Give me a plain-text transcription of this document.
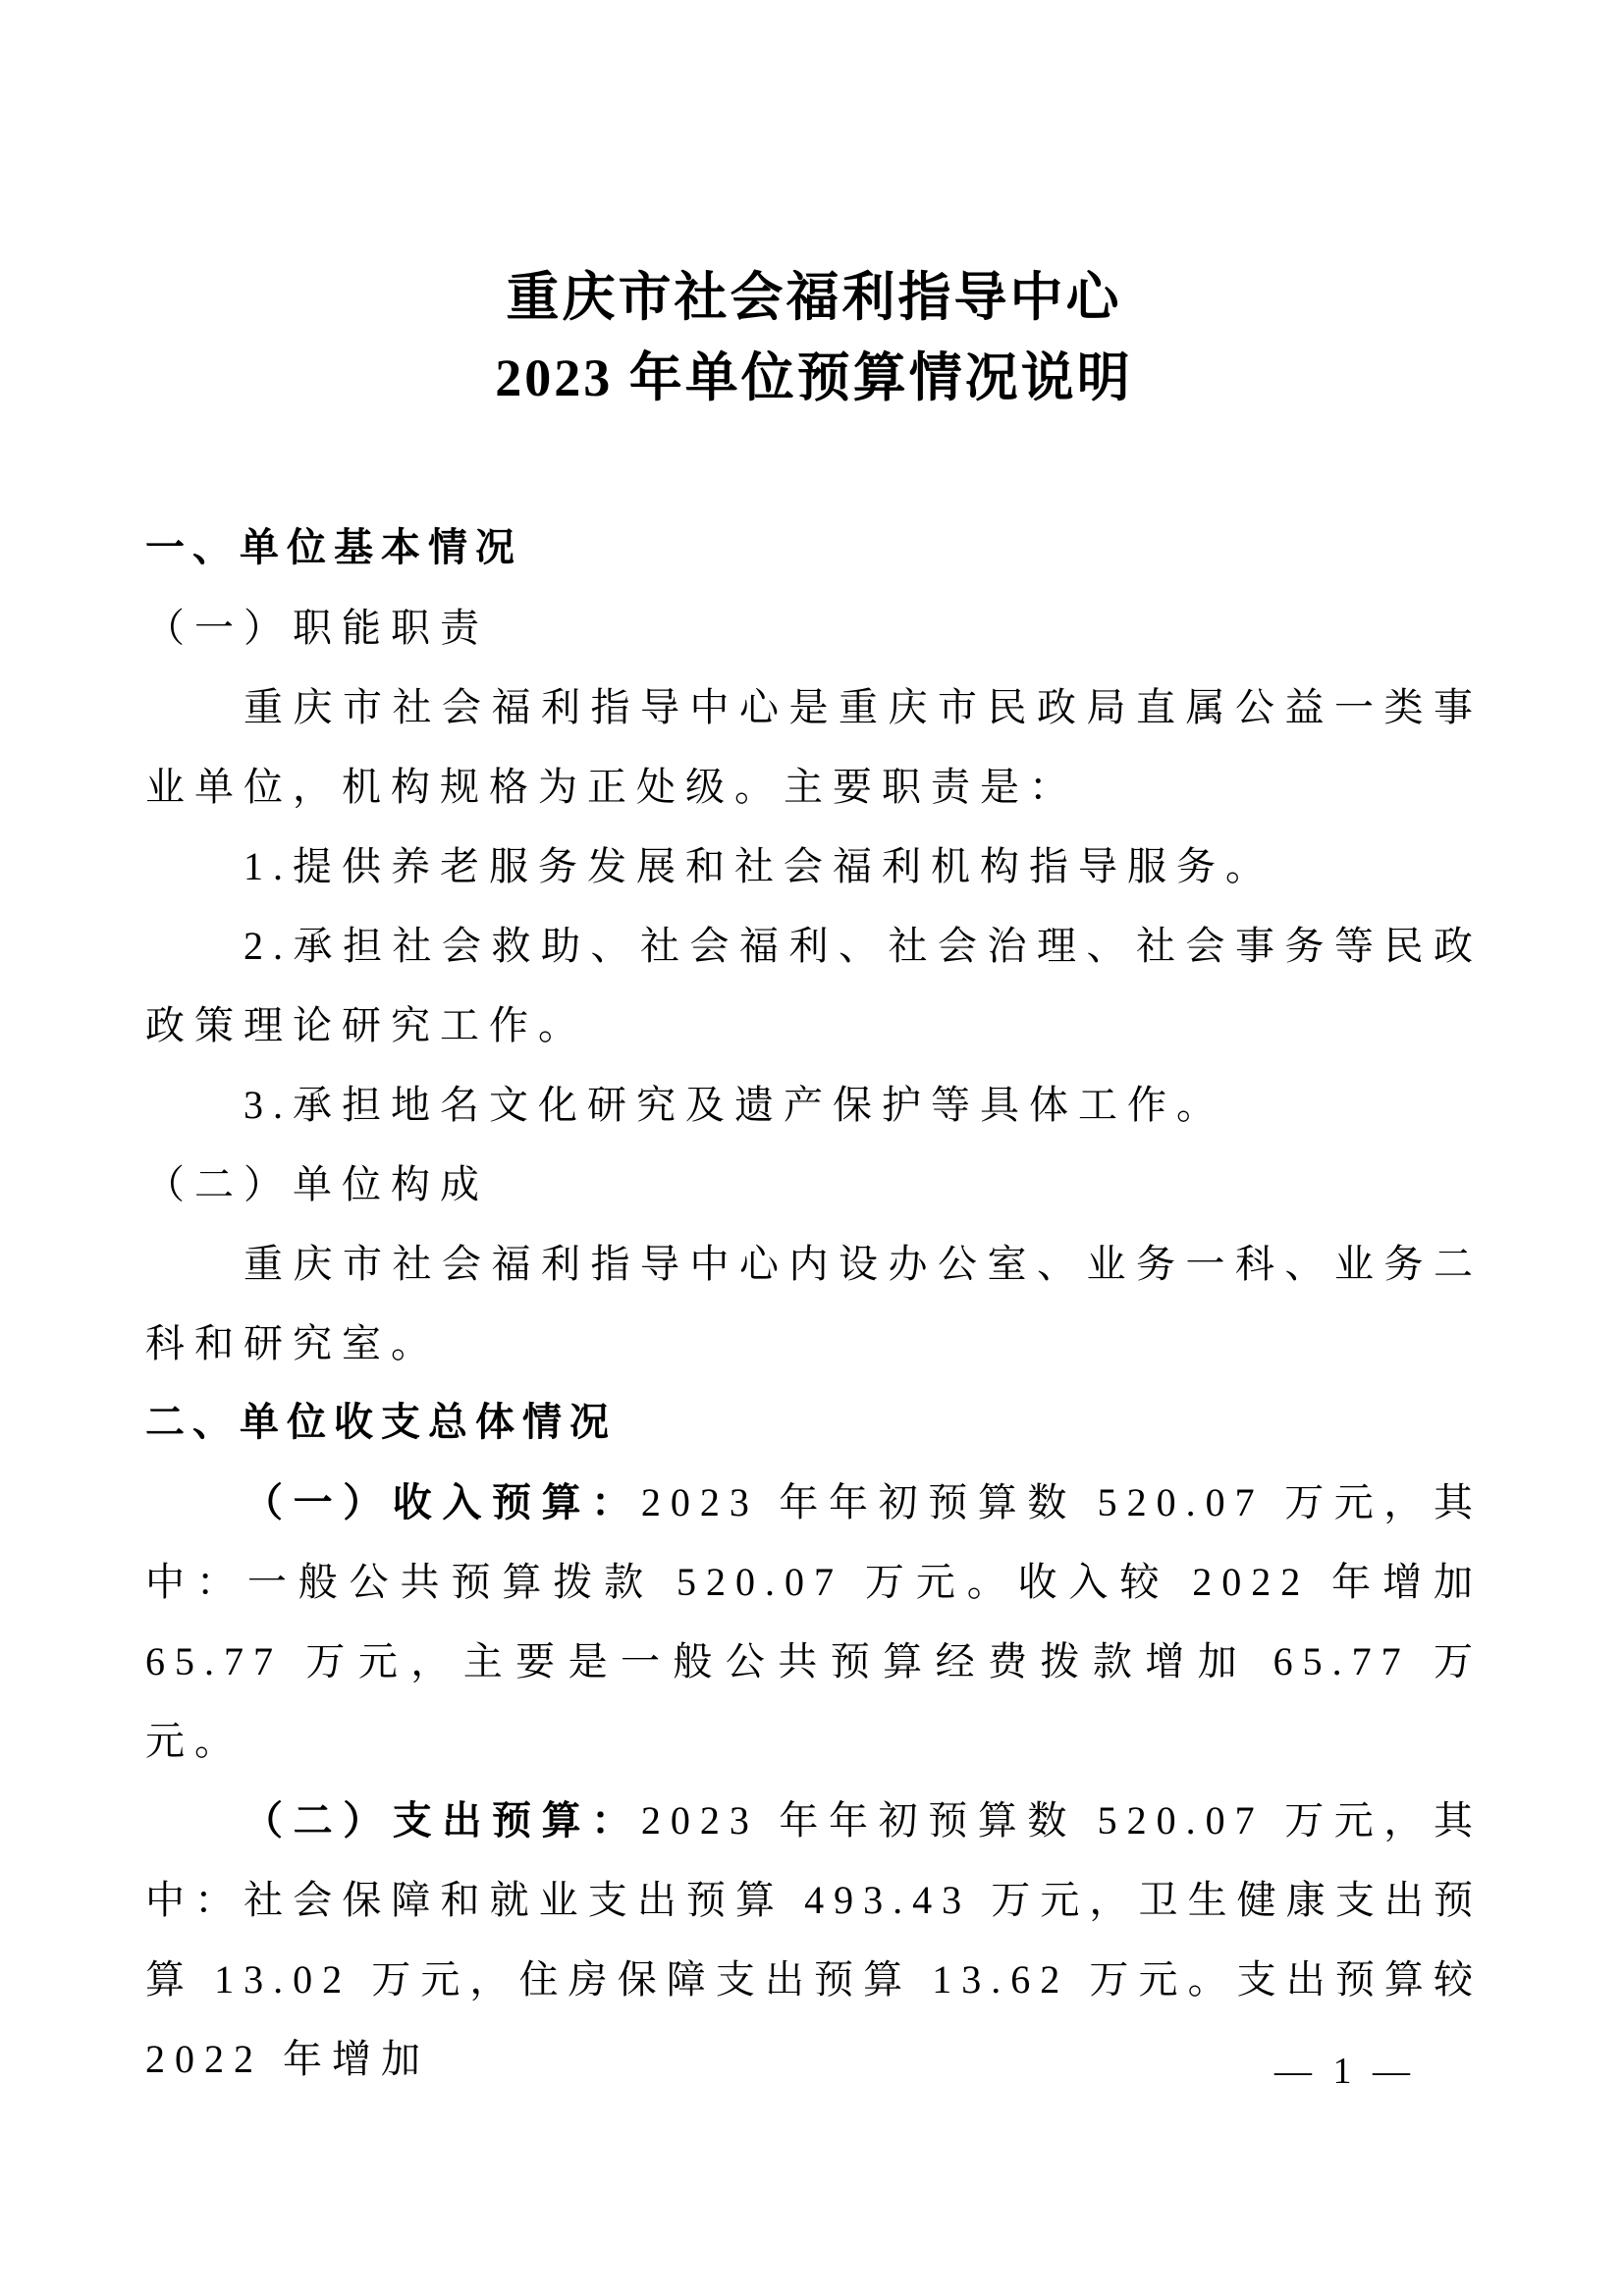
重庆市社会福利指导中心
2023 年单位预算情况说明

一、单位基本情况

（一）职能职责

重庆市社会福利指导中心是重庆市民政局直属公益一类事业单位，机构规格为正处级。主要职责是：

1.提供养老服务发展和社会福利机构指导服务。

2.承担社会救助、社会福利、社会治理、社会事务等民政政策理论研究工作。

3.承担地名文化研究及遗产保护等具体工作。

（二）单位构成

重庆市社会福利指导中心内设办公室、业务一科、业务二科和研究室。

二、单位收支总体情况

（一）收入预算：2023 年年初预算数 520.07 万元，其中：一般公共预算拨款 520.07 万元。收入较 2022 年增加 65.77 万元，主要是一般公共预算经费拨款增加 65.77 万元。

（二）支出预算：2023 年年初预算数 520.07 万元，其中：社会保障和就业支出预算 493.43 万元，卫生健康支出预算 13.02 万元，住房保障支出预算 13.62 万元。支出预算较 2022 年增加	— 1 —
